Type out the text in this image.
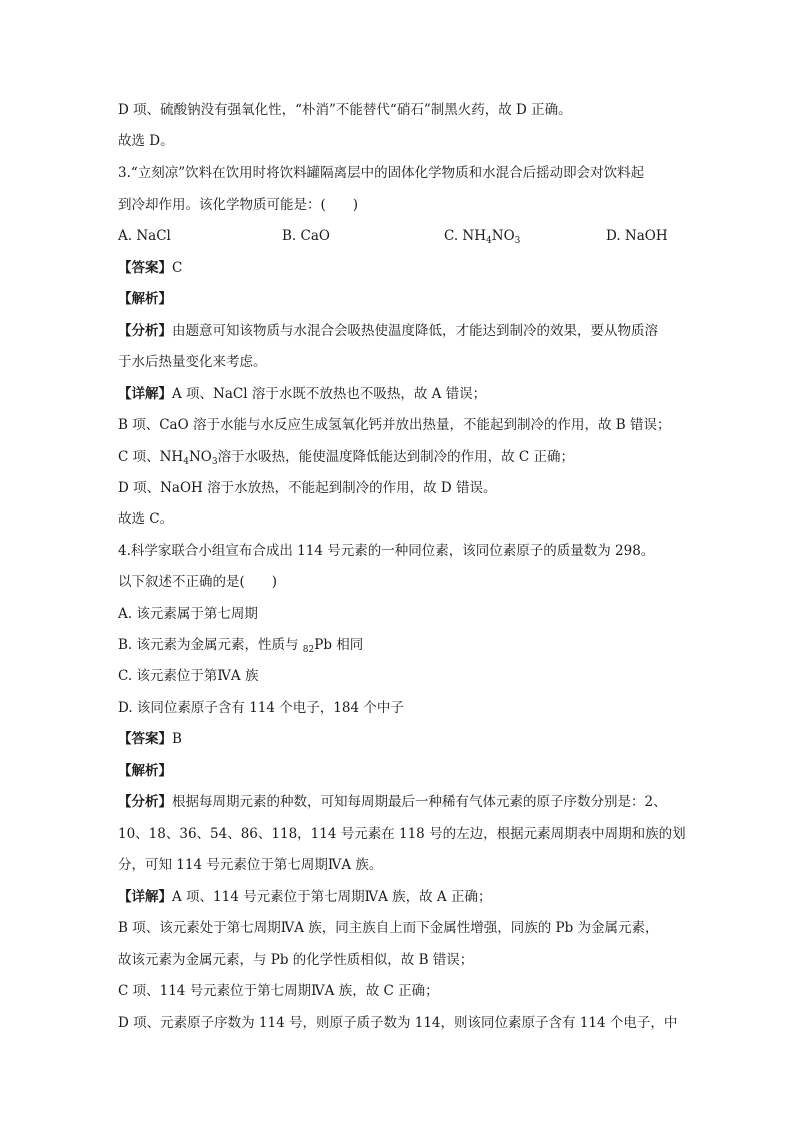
D 项、硫酸钠没有强氧化性，“朴消”不能替代“硝石”制黑火药，故 D 正确。
故选 D。
3.“立刻凉”饮料在饮用时将饮料罐隔离层中的固体化学物质和水混合后摇动即会对饮料起
到冷却作用。该化学物质可能是：(　　)
A. NaCl	B. CaO	C. $NH_4NO_3$	D. NaOH
【答案】C
【解析】
【分析】由题意可知该物质与水混合会吸热使温度降低，才能达到制冷的效果，要从物质溶
于水后热量变化来考虑。
【详解】A 项、NaCl 溶于水既不放热也不吸热，故 A 错误；
B 项、CaO 溶于水能与水反应生成氢氧化钙并放出热量，不能起到制冷的作用，故 B 错误；
C 项、$NH_4NO_3$溶于水吸热，能使温度降低能达到制冷的作用，故 C 正确；
D 项、NaOH 溶于水放热，不能起到制冷的作用，故 D 错误。
故选 C。
4.科学家联合小组宣布合成出 114 号元素的一种同位素，该同位素原子的质量数为 298。
以下叙述不正确的是(　　)
A. 该元素属于第七周期
B. 该元素为金属元素，性质与 $_{82}$Pb 相同
C. 该元素位于第ⅣA 族
D. 该同位素原子含有 114 个电子，184 个中子
【答案】B
【解析】
【分析】根据每周期元素的种数，可知每周期最后一种稀有气体元素的原子序数分别是：2、
10、18、36、54、86、118，114 号元素在 118 号的左边，根据元素周期表中周期和族的划
分，可知 114 号元素位于第七周期ⅣA 族。
【详解】A 项、114 号元素位于第七周期ⅣA 族，故 A 正确；
B 项、该元素处于第七周期ⅣA 族，同主族自上而下金属性增强，同族的 Pb 为金属元素，
故该元素为金属元素，与 Pb 的化学性质相似，故 B 错误；
C 项、114 号元素位于第七周期ⅣA 族，故 C 正确；
D 项、元素原子序数为 114 号，则原子质子数为 114，则该同位素原子含有 114 个电子，中
